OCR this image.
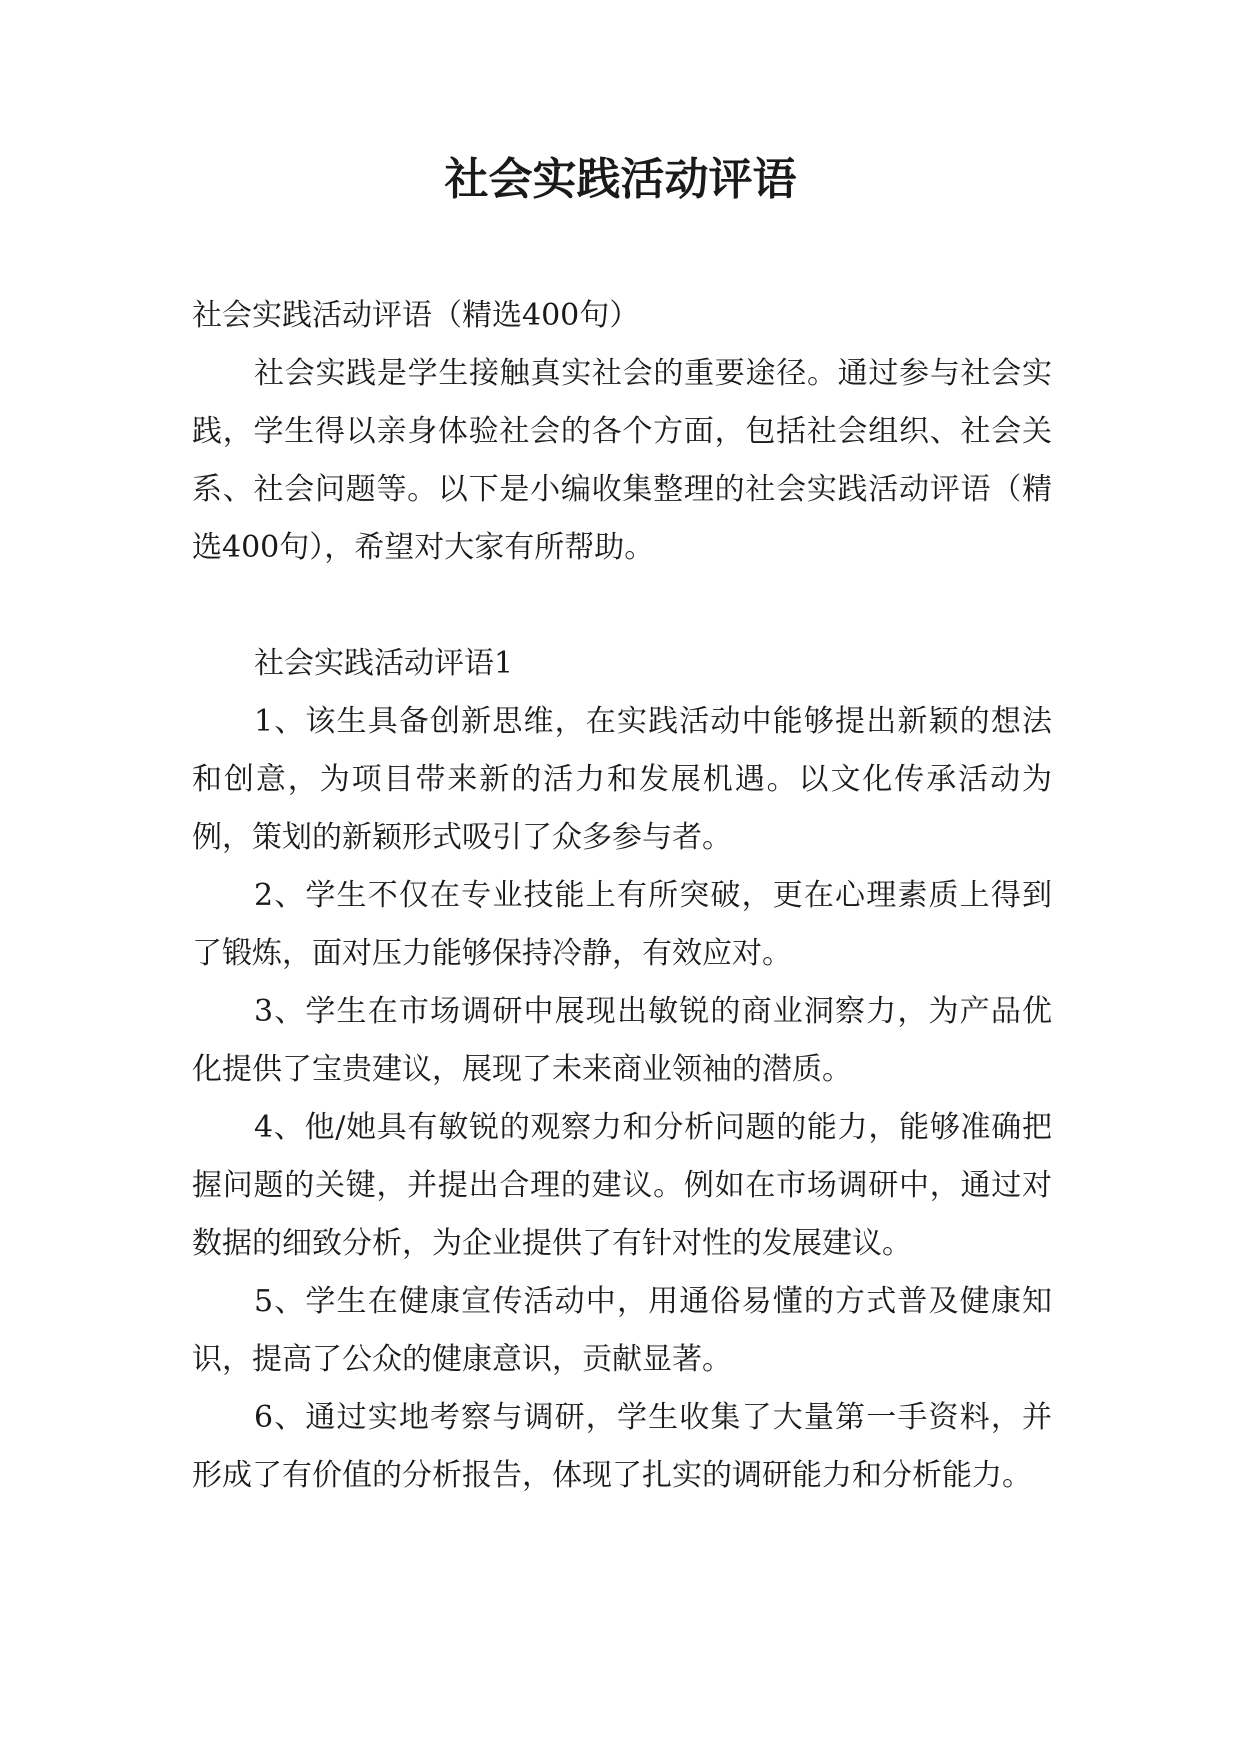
社会实践活动评语

社会实践活动评语（精选400句）

社会实践是学生接触真实社会的重要途径。通过参与社会实践，学生得以亲身体验社会的各个方面，包括社会组织、社会关系、社会问题等。以下是小编收集整理的社会实践活动评语（精选400句），希望对大家有所帮助。

社会实践活动评语1

1、该生具备创新思维，在实践活动中能够提出新颖的想法和创意，为项目带来新的活力和发展机遇。以文化传承活动为例，策划的新颖形式吸引了众多参与者。

2、学生不仅在专业技能上有所突破，更在心理素质上得到了锻炼，面对压力能够保持冷静，有效应对。

3、学生在市场调研中展现出敏锐的商业洞察力，为产品优化提供了宝贵建议，展现了未来商业领袖的潜质。

4、他/她具有敏锐的观察力和分析问题的能力，能够准确把握问题的关键，并提出合理的建议。例如在市场调研中，通过对数据的细致分析，为企业提供了有针对性的发展建议。

5、学生在健康宣传活动中，用通俗易懂的方式普及健康知识，提高了公众的健康意识，贡献显著。

6、通过实地考察与调研，学生收集了大量第一手资料，并形成了有价值的分析报告，体现了扎实的调研能力和分析能力。
